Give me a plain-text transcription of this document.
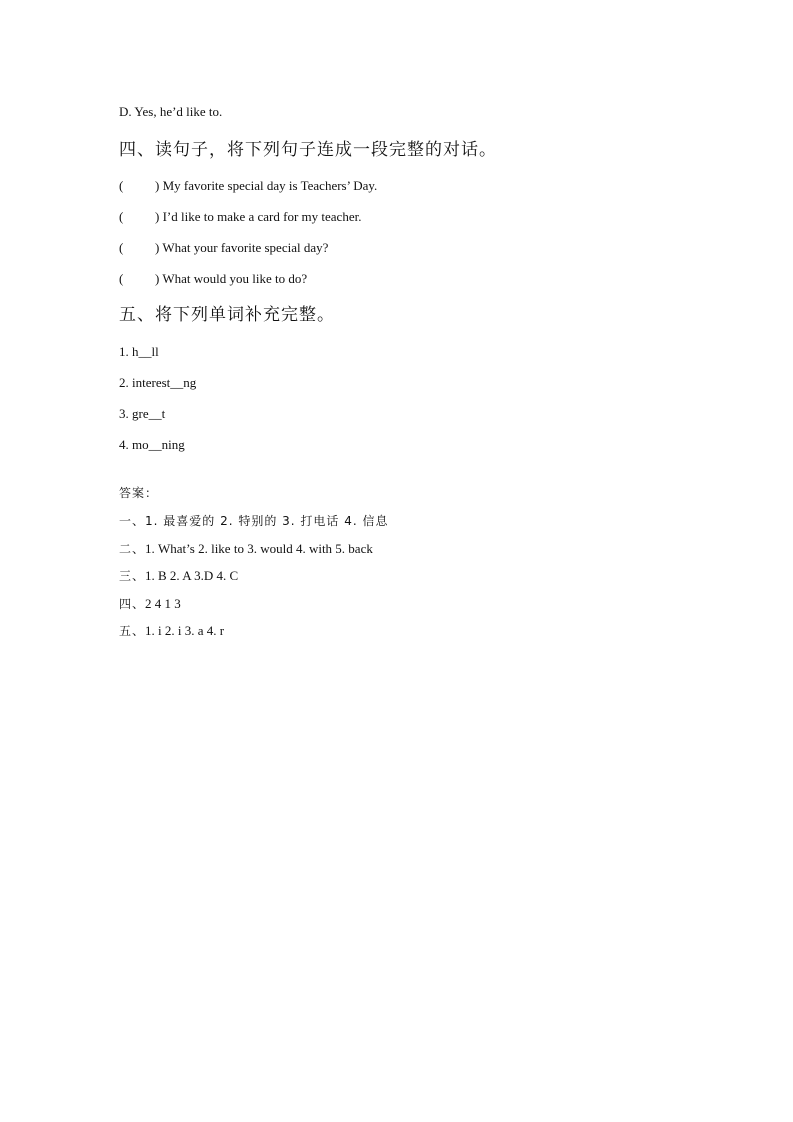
D. Yes, he’d like to.
四、读句子，将下列句子连成一段完整的对话。
( ) My favorite special day is Teachers’ Day.
( ) I’d like to make a card for my teacher.
( ) What your favorite special day?
( ) What would you like to do?
五、将下列单词补充完整。
1. h__ll
2. interest__ng
3. gre__t
4. mo__ning
答案：
一、1. 最喜爱的 2. 特别的 3. 打电话 4. 信息
二、1. What’s 2. like to 3. would 4. with 5. back
三、1. B 2. A 3.D 4. C
四、2 4 1 3
五、1. i 2. i 3. a 4. r
